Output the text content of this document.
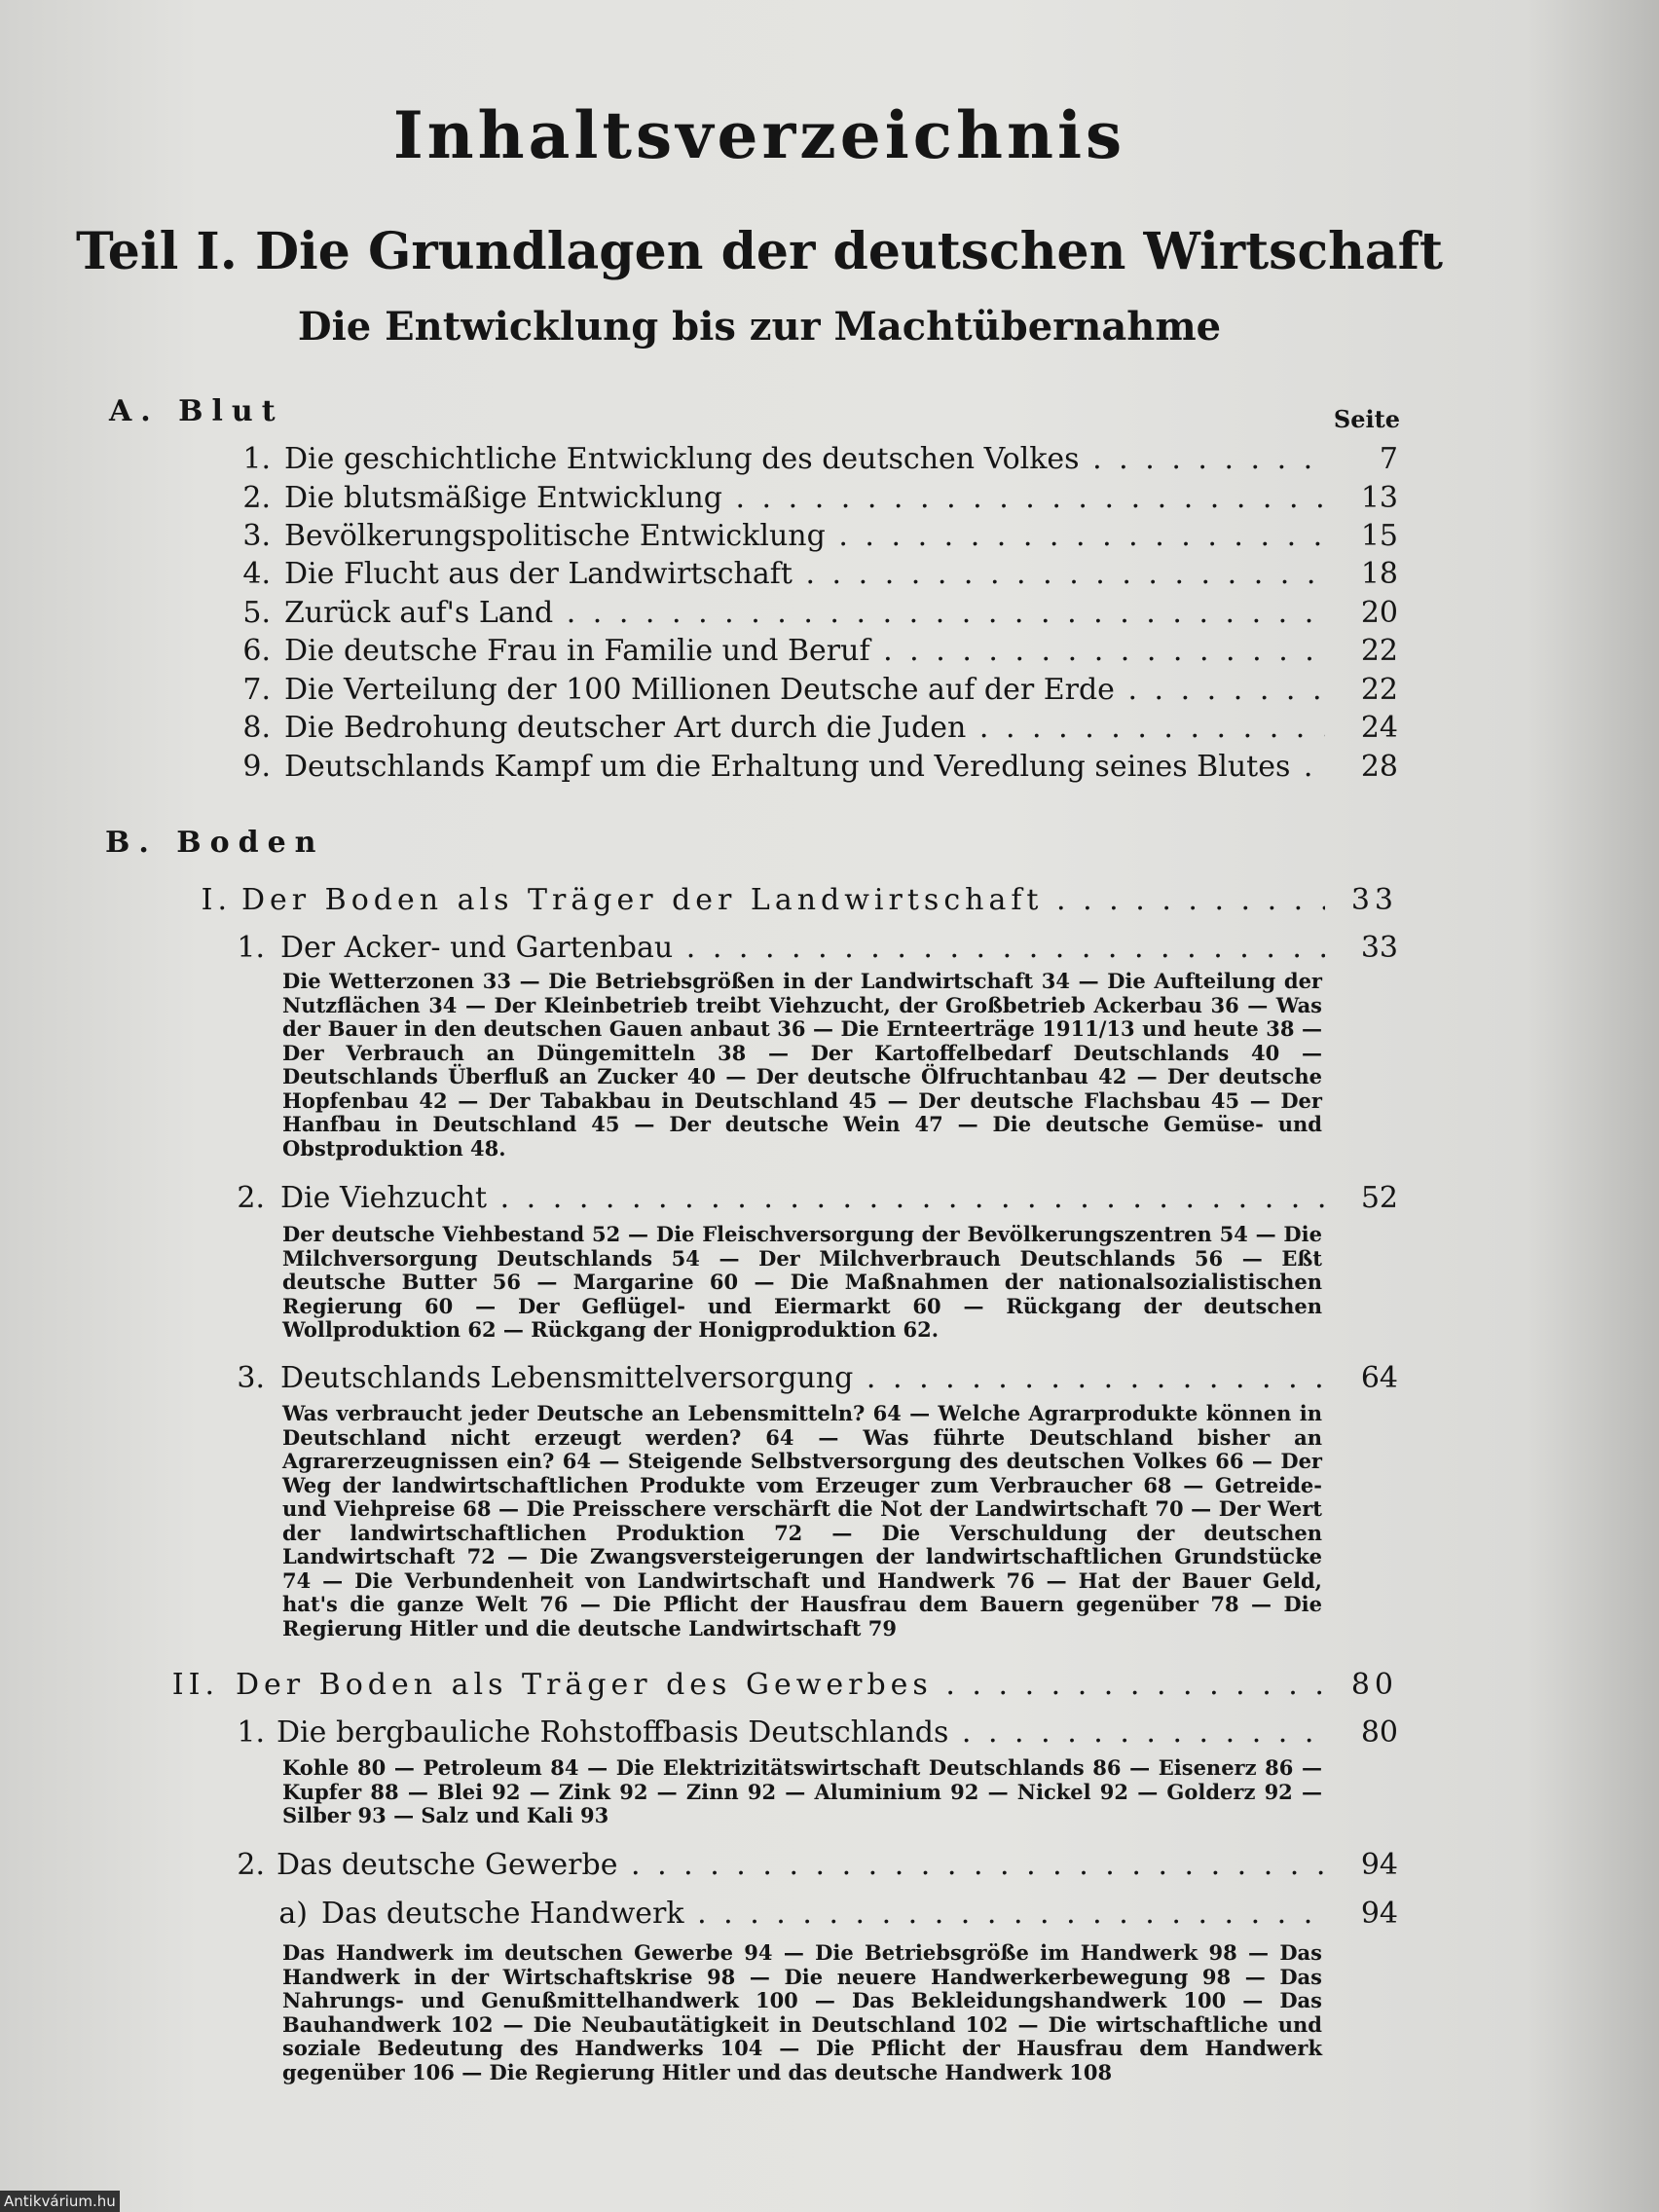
Inhaltsverzeichnis
Teil I. Die Grundlagen der deutschen Wirtschaft
Die Entwicklung bis zur Machtübernahme
A. Blut	Seite
1. Die geschichtliche Entwicklung des deutschen Volkes . . .	7
2. Die blutsmäßige Entwicklung . . .	13
3. Bevölkerungspolitische Entwicklung . . .	15
4. Die Flucht aus der Landwirtschaft . . .	18
5. Zurück auf's Land . . .	20
6. Die deutsche Frau in Familie und Beruf . . .	22
7. Die Verteilung der 100 Millionen Deutsche auf der Erde . . .	22
8. Die Bedrohung deutscher Art durch die Juden . . .	24
9. Deutschlands Kampf um die Erhaltung und Veredlung seines Blutes . . .	28
B. Boden
I. Der Boden als Träger der Landwirtschaft . . .	33
1. Der Acker- und Gartenbau . . .	33
Die Wetterzonen 33 — Die Betriebsgrößen in der Landwirtschaft 34 — Die Aufteilung der Nutzflächen 34 — Der Kleinbetrieb treibt Viehzucht, der Großbetrieb Ackerbau 36 — Was der Bauer in den deutschen Gauen anbaut 36 — Die Ernteerträge 1911/13 und heute 38 — Der Verbrauch an Düngemitteln 38 — Der Kartoffelbedarf Deutschlands 40 — Deutschlands Überfluß an Zucker 40 — Der deutsche Ölfruchtanbau 42 — Der deutsche Hopfenbau 42 — Der Tabakbau in Deutschland 45 — Der deutsche Flachsbau 45 — Der Hanfbau in Deutschland 45 — Der deutsche Wein 47 — Die deutsche Gemüse- und Obstproduktion 48.
2. Die Viehzucht . . .	52
Der deutsche Viehbestand 52 — Die Fleischversorgung der Bevölkerungszentren 54 — Die Milchversorgung Deutschlands 54 — Der Milchverbrauch Deutschlands 56 — Eßt deutsche Butter 56 — Margarine 60 — Die Maßnahmen der nationalsozialistischen Regierung 60 — Der Geflügel- und Eiermarkt 60 — Rückgang der deutschen Wollproduktion 62 — Rückgang der Honigproduktion 62.
3. Deutschlands Lebensmittelversorgung . . .	64
Was verbraucht jeder Deutsche an Lebensmitteln? 64 — Welche Agrarprodukte können in Deutschland nicht erzeugt werden? 64 — Was führte Deutschland bisher an Agrarerzeugnissen ein? 64 — Steigende Selbstversorgung des deutschen Volkes 66 — Der Weg der landwirtschaftlichen Produkte vom Erzeuger zum Verbraucher 68 — Getreide- und Viehpreise 68 — Die Preisschere verschärft die Not der Landwirtschaft 70 — Der Wert der landwirtschaftlichen Produktion 72 — Die Verschuldung der deutschen Landwirtschaft 72 — Die Zwangsversteigerungen der landwirtschaftlichen Grundstücke 74 — Die Verbundenheit von Landwirtschaft und Handwerk 76 — Hat der Bauer Geld, hat's die ganze Welt 76 — Die Pflicht der Hausfrau dem Bauern gegenüber 78 — Die Regierung Hitler und die deutsche Landwirtschaft 79
II. Der Boden als Träger des Gewerbes . . .	80
1. Die bergbauliche Rohstoffbasis Deutschlands . . .	80
Kohle 80 — Petroleum 84 — Die Elektrizitätswirtschaft Deutschlands 86 — Eisenerz 86 — Kupfer 88 — Blei 92 — Zink 92 — Zinn 92 — Aluminium 92 — Nickel 92 — Golderz 92 — Silber 93 — Salz und Kali 93
2. Das deutsche Gewerbe . . .	94
a) Das deutsche Handwerk . . .	94
Das Handwerk im deutschen Gewerbe 94 — Die Betriebsgröße im Handwerk 98 — Das Handwerk in der Wirtschaftskrise 98 — Die neuere Handwerkerbewegung 98 — Das Nahrungs- und Genußmittelhandwerk 100 — Das Bekleidungshandwerk 100 — Das Bauhandwerk 102 — Die Neubautätigkeit in Deutschland 102 — Die wirtschaftliche und soziale Bedeutung des Handwerks 104 — Die Pflicht der Hausfrau dem Handwerk gegenüber 106 — Die Regierung Hitler und das deutsche Handwerk 108
Antikvárium.hu
